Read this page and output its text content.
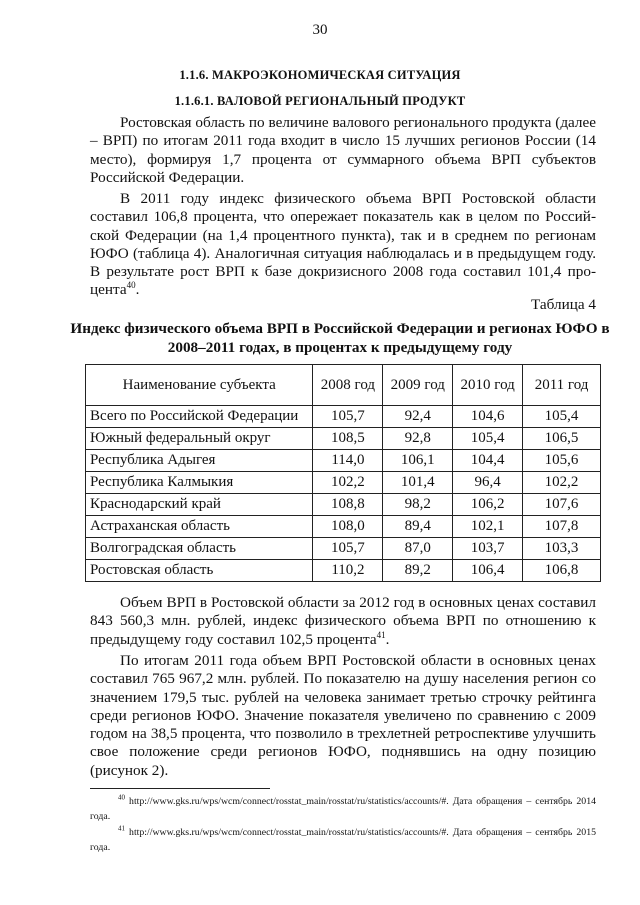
30
1.1.6. МАКРОЭКОНОМИЧЕСКАЯ СИТУАЦИЯ
1.1.6.1. ВАЛОВОЙ РЕГИОНАЛЬНЫЙ ПРОДУКТ

Ростовская область по величине валового регионального продукта (далее – ВРП) по итогам 2011 года входит в число 15 лучших регионов России (14 место), формируя 1,7 процента от суммарного объема ВРП субъектов Российской Федерации.

В 2011 году индекс физического объема ВРП Ростовской области составил 106,8 процента, что опережает показатель как в целом по Российской Федерации (на 1,4 процентного пункта), так и в среднем по регионам ЮФО (таблица 4). Аналогичная ситуация наблюдалась и в предыдущем году. В результате рост ВРП к базе докризисного 2008 года составил 101,4 процента$^{40}$.

Таблица 4
Индекс физического объема ВРП в Российской Федерации и регионах ЮФО в 2008–2011 годах, в процентах к предыдущему году
Наименование субъекта	2008 год	2009 год	2010 год	2011 год
Всего по Российской Федерации	105,7	92,4	104,6	105,4
Южный федеральный округ	108,5	92,8	105,4	106,5
Республика Адыгея	114,0	106,1	104,4	105,6
Республика Калмыкия	102,2	101,4	96,4	102,2
Краснодарский край	108,8	98,2	106,2	107,6
Астраханская область	108,0	89,4	102,1	107,8
Волгоградская область	105,7	87,0	103,7	103,3
Ростовская область	110,2	89,2	106,4	106,8

Объем ВРП в Ростовской области за 2012 год в основных ценах составил 843 560,3 млн. рублей, индекс физического объема ВРП по отношению к предыдущему году составил 102,5 процента$^{41}$.

По итогам 2011 года объем ВРП Ростовской области в основных ценах составил 765 967,2 млн. рублей. По показателю на душу населения регион со значением 179,5 тыс. рублей на человека занимает третью строчку рейтинга среди регионов ЮФО. Значение показателя увеличено по сравнению с 2009 годом на 38,5 процента, что позволило в трехлетней ретроспективе улучшить свое положение среди регионов ЮФО, поднявшись на одну позицию (рисунок 2).

$^{40}$ http://www.gks.ru/wps/wcm/connect/rosstat_main/rosstat/ru/statistics/accounts/#. Дата обращения – сентябрь 2014 года.

$^{41}$ http://www.gks.ru/wps/wcm/connect/rosstat_main/rosstat/ru/statistics/accounts/#. Дата обращения – сентябрь 2015 года.
